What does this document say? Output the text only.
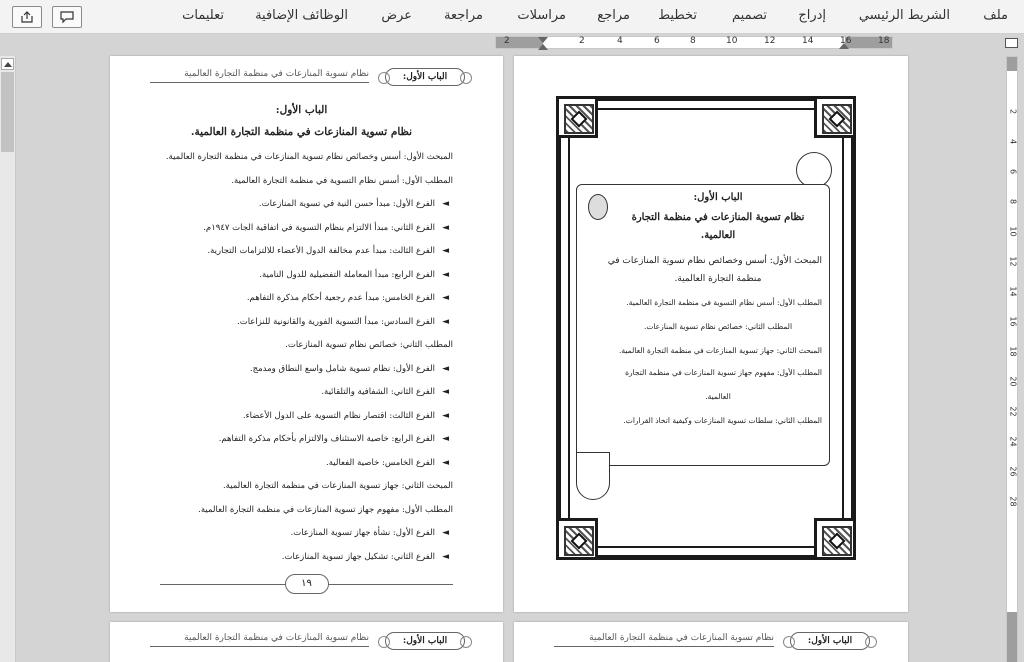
ملف
الشريط الرئيسي
إدراج
تصميم
تخطيط
مراجع
مراسلات
مراجعة
عرض
الوظائف الإضافية
تعليمات
2	2	4	6	8	10	12	14	16	18
2
4
6
8
10
12
14
16
18
20
22
24
26
28
الباب الأول:
نظام تسوية المنازعات في منظمة التجارة العالمية
الباب الأول:
نظام تسوية المنازعات في منظمة التجارة العالمية.
المبحث الأول: أسس وخصائص نظام تسوية المنازعات في منظمة التجارة العالمية.
المطلب الأول: أسس نظام التسوية في منظمة التجارة العالمية.
◄
الفرع الأول: مبدأ حسن النية في تسوية المنازعات.
◄
الفرع الثاني: مبدأ الالتزام بنظام التسوية في اتفاقية الجات ١٩٤٧م.
◄
الفرع الثالث: مبدأ عدم مخالفة الدول الأعضاء للالتزامات التجارية.
◄
الفرع الرابع: مبدأ المعاملة التفضيلية للدول النامية.
◄
الفرع الخامس: مبدأ عدم رجعية أحكام مذكرة التفاهم.
◄
الفرع السادس: مبدأ التسوية الفورية والقانونية للنزاعات.
المطلب الثاني: خصائص نظام تسوية المنازعات.
◄
الفرع الأول: نظام تسوية شامل واسع النطاق ومدمج.
◄
الفرع الثاني: الشفافية والتلقائية.
◄
الفرع الثالث: اقتصار نظام التسوية على الدول الأعضاء.
◄
الفرع الرابع: خاصية الاستئناف والالتزام بأحكام مذكرة التفاهم.
◄
الفرع الخامس: خاصية الفعالية.
المبحث الثاني: جهاز تسوية المنازعات في منظمة التجارة العالمية.
المطلب الأول: مفهوم جهاز تسوية المنازعات في منظمة التجارة العالمية.
◄
الفرع الأول: نشأة جهاز تسوية المنازعات.
◄
الفرع الثاني: تشكيل جهاز تسوية المنازعات.
١٩
الباب الأول:
نظام تسوية المنازعات في منظمة التجارة
العالمية.
المبحث الأول: أسس وخصائص نظام تسوية المنازعات في
منظمة التجارة العالمية.
المطلب الأول: أسس نظام التسوية في منظمة التجارة العالمية.
المطلب الثاني: خصائص نظام تسوية المنازعات.
المبحث الثاني: جهاز تسوية المنازعات في منظمة التجارة العالمية.
المطلب الأول: مفهوم جهاز تسوية المنازعات في منظمة التجارة
العالمية.
المطلب الثاني: سلطات تسوية المنازعات وكيفية اتخاذ القرارات.
الباب الأول:
نظام تسوية المنازعات في منظمة التجارة العالمية	الباب الأول:
نظام تسوية المنازعات في منظمة التجارة العالمية
